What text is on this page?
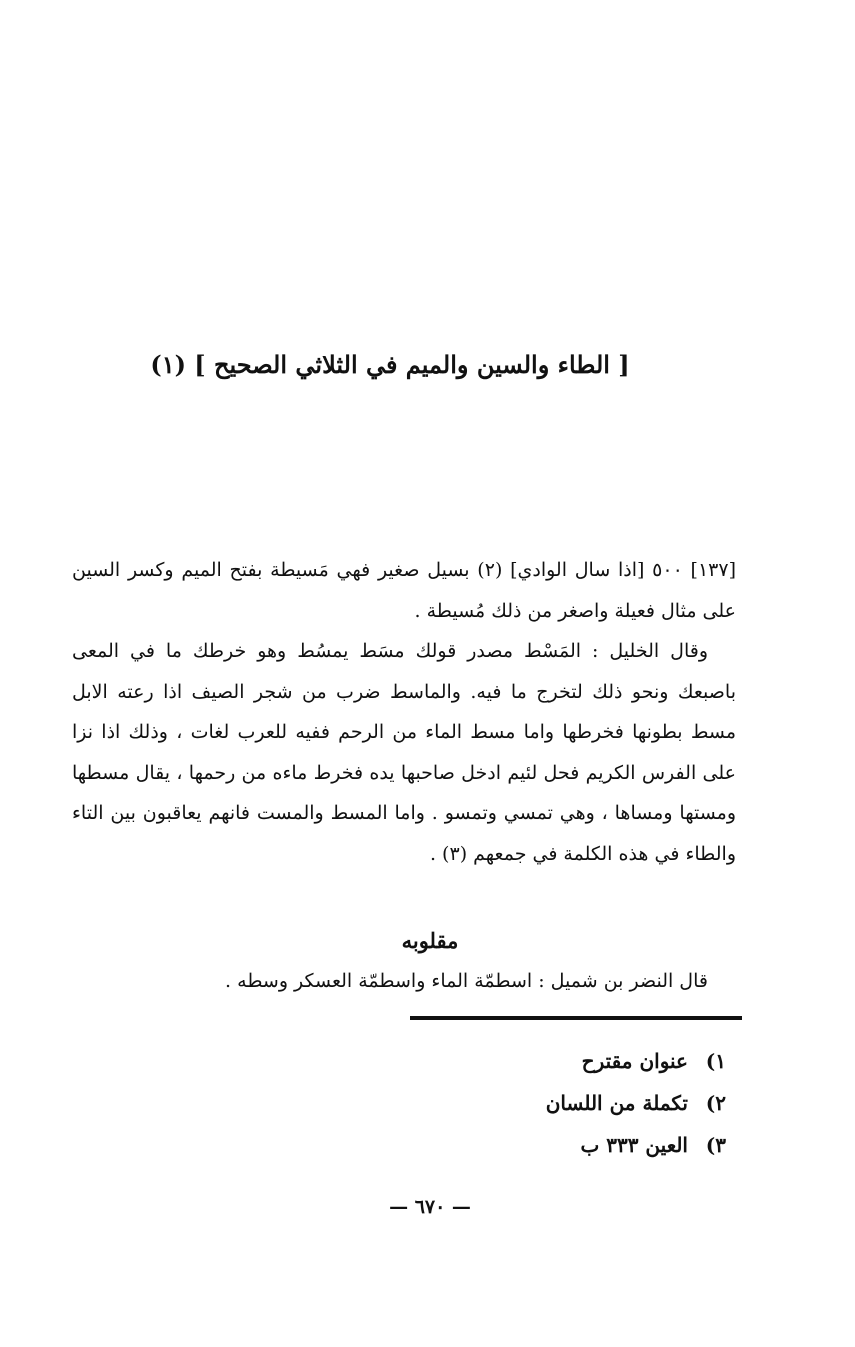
[ الطاء والسين والميم في الثلاثي الصحيح ] (١)

[١٣٧] ٥٠٠ [اذا سال الوادي] (٢) بسيل صغير فهي مَسيطة بفتح الميم وكسر السين على مثال فعيلة واصغر من ذلك مُسيطة .

وقال الخليل : المَسْط مصدر قولك مسَط يمسُط وهو خرطك ما في المعى باصبعك ونحو ذلك لتخرج ما فيه. والماسط ضرب من شجر الصيف اذا رعته الابل مسط بطونها فخرطها واما مسط الماء من الرحم ففيه للعرب لغات ، وذلك اذا نزا على الفرس الكريم فحل لئيم ادخل صاحبها يده فخرط ماءه من رحمها ، يقال مسطها ومستها ومساها ، وهي تمسي وتمسو . واما المسط والمست فانهم يعاقبون بين التاء والطاء في هذه الكلمة في جمعهم (٣) .

مقلوبه

قال النضر بن شميل : اسطمّة الماء واسطمّة العسكر وسطه .

١)عنوان مقترح
٢)تكملة من اللسان
٣)العين ٣٣٣ ب
— ٦٧٠ —
